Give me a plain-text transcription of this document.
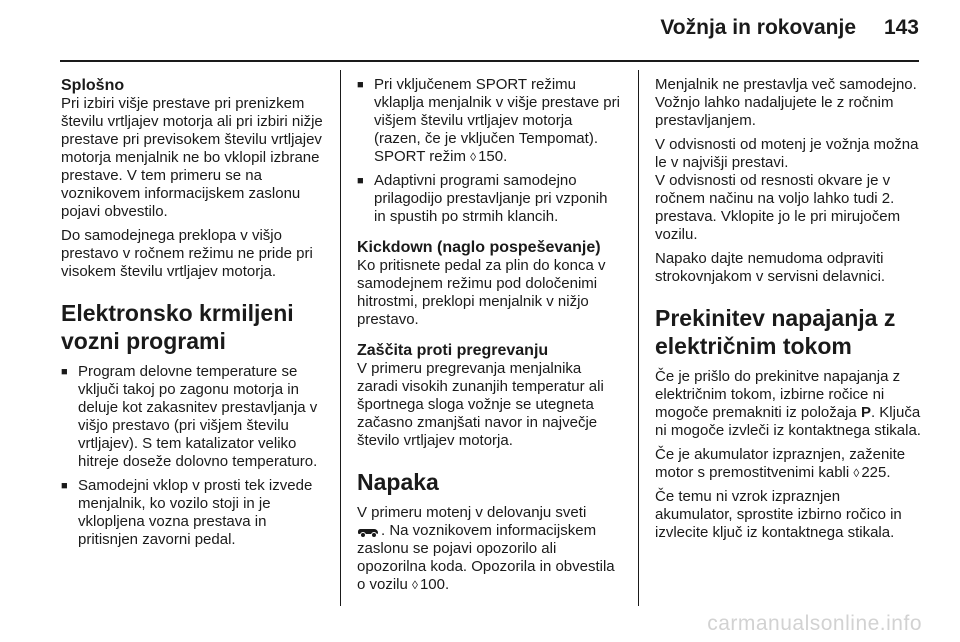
Vožnja in rokovanje 143
Splošno

Pri izbiri višje prestave pri prenizkem številu vrtljajev motorja ali pri izbiri nižje prestave pri previsokem številu vrtljajev motorja menjalnik ne bo vklopil izbrane prestave. V tem primeru se na voznikovem informacijskem zaslonu pojavi obvestilo.

Do samodejnega preklopa v višjo prestavo v ročnem režimu ne pride pri visokem številu vrtljajev motorja.

Elektronsko krmiljeni vozni programi
■ Program delovne temperature se vključi takoj po zagonu motorja in deluje kot zakasnitev prestavljanja v višjo prestavo (pri višjem številu vrtljajev). S tem katalizator veliko hitreje doseže dolovno temperaturo.
■ Samodejni vklop v prosti tek izvede menjalnik, ko vozilo stoji in je vklopljena vozna prestava in pritisnjen zavorni pedal.
■ Pri vključenem SPORT režimu vklaplja menjalnik v višje prestave pri višjem številu vrtljajev motorja (razen, če je vključen Tempomat). SPORT režim ◊ 150.
■ Adaptivni programi samodejno prilagodijo prestavljanje pri vzponih in spustih po strmih klancih.
Kickdown (naglo pospeševanje)

Ko pritisnete pedal za plin do konca v samodejnem režimu pod določenimi hitrostmi, preklopi menjalnik v nižjo prestavo.

Zaščita proti pregrevanju

V primeru pregrevanja menjalnika zaradi visokih zunanjih temperatur ali športnega sloga vožnje se utegneta začasno zmanjšati navor in največje število vrtljajev motorja.

Napaka

V primeru motenj v delovanju sveti

. Na voznikovem informacijskem zaslonu se pojavi opozorilo ali opozorilna koda. Opozorila in obvestila o vozilu ◊ 100.

Menjalnik ne prestavlja več samodejno. Vožnjo lahko nadaljujete le z ročnim prestavljanjem.

V odvisnosti od motenj je vožnja možna le v najvišji prestavi.
V odvisnosti od resnosti okvare je v ročnem načinu na voljo lahko tudi 2. prestava. Vklopite jo le pri mirujočem vozilu.

Napako dajte nemudoma odpraviti strokovnjakom v servisni delavnici.

Prekinitev napajanja z električnim tokom

Če je prišlo do prekinitve napajanja z električnim tokom, izbirne ročice ni mogoče premakniti iz položaja P. Ključa ni mogoče izvleči iz kontaktnega stikala.

Če je akumulator izpraznjen, zaženite motor s premostitvenimi kabli ◊ 225.

Če temu ni vzrok izpraznjen akumulator, sprostite izbirno ročico in izvlecite ključ iz kontaktnega stikala.

carmanualsonline.info
